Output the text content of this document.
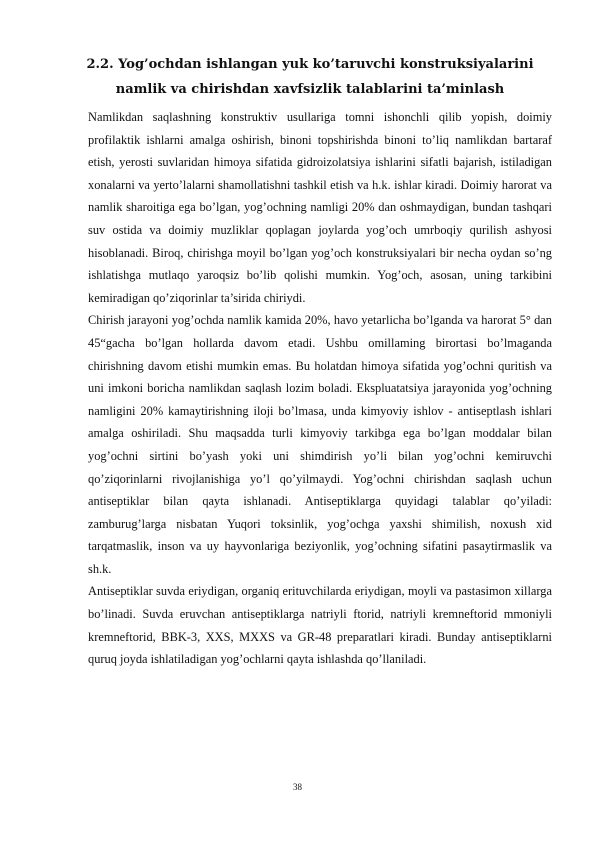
2.2. Yog’ochdan ishlangan yuk ko’taruvchi konstruksiyalarini
namlik va chirishdan xavfsizlik talablarini ta’minlash

Namlikdan saqlashning konstruktiv usullariga tomni ishonchli qilib yopish, doimiy profilaktik ishlarni amalga oshirish, binoni topshirishda binoni to’liq namlikdan bartaraf etish, yerosti suvlaridan himoya sifatida gidroizolatsiya ishlarini sifatli bajarish, istiladigan xonalarni va yerto’lalarni shamollatishni tashkil etish va h.k. ishlar kiradi. Doimiy harorat va namlik sharoitiga ega bo’lgan, yog’ochning namligi 20% dan oshmaydigan, bundan tashqari suv ostida va doimiy muzliklar qoplagan joylarda yog’och umrboqiy qurilish ashyosi hisoblanadi. Biroq, chirishga moyil bo’lgan yog’och konstruksiyalari bir necha oydan so’ng ishlatishga mutlaqo yaroqsiz bo’lib qolishi mumkin. Yog’och, asosan, uning tarkibini kemiradigan qo’ziqorinlar ta’sirida chiriydi.

Chirish jarayoni yog’ochda namlik kamida 20%, havo yetarlicha bo’lganda va harorat 5° dan 45“gacha bo’lgan hollarda davom etadi. Ushbu omillaming birortasi bo’lmaganda chirishning davom etishi mumkin emas. Bu holatdan himoya sifatida yog’ochni quritish va uni imkoni boricha namlikdan saqlash lozim boladi. Ekspluatatsiya jarayonida yog’ochning namligini 20% kamaytirishning iloji bo’lmasa, unda kimyoviy ishlov - antiseptlash ishlari amalga oshiriladi. Shu maqsadda turli kimyoviy tarkibga ega bo’lgan moddalar bilan yog’ochni sirtini bo’yash yoki uni shimdirish yo’li bilan yog’ochni kemiruvchi qo’ziqorinlarni rivojlanishiga yo’l qo’yilmaydi. Yog’ochni chirishdan saqlash uchun antiseptiklar bilan qayta ishlanadi. Antiseptiklarga quyidagi talablar qo’yiladi: zamburug’larga nisbatan Yuqori toksinlik, yog’ochga yaxshi shimilish, noxush xid tarqatmaslik, inson va uy hayvonlariga beziyonlik, yog’ochning sifatini pasaytirmaslik va sh.k.

Antiseptiklar suvda eriydigan, organiq erituvchilarda eriydigan, moyli va pastasimon xillarga bo’linadi. Suvda eruvchan antiseptiklarga natriyli ftorid, natriyli kremneftorid mmoniyli kremneftorid, BBK-3, XXS, MXXS va GR-48 preparatlari kiradi. Bunday antiseptiklarni quruq joyda ishlatiladigan yog’ochlarni qayta ishlashda qo’llaniladi.

38
